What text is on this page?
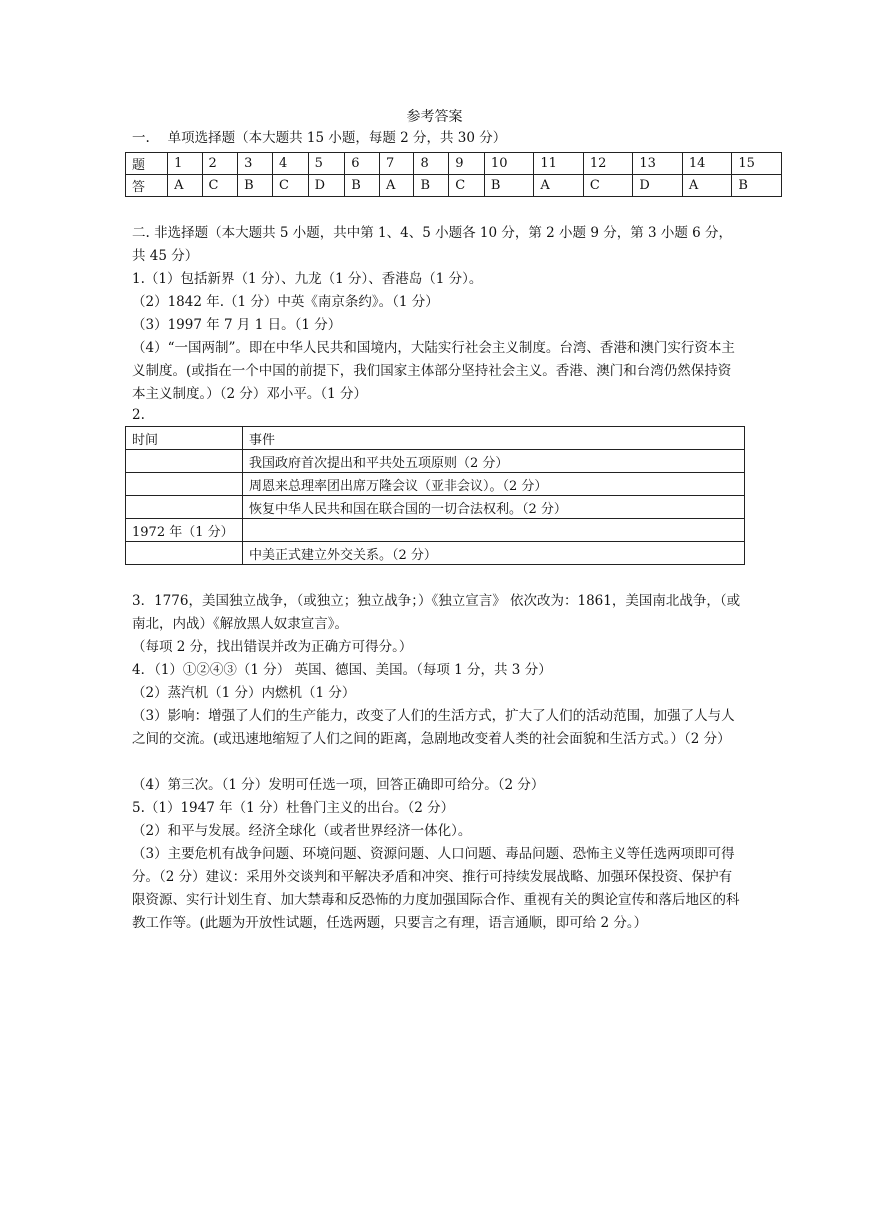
参考答案
一.　 单项选择题（本大题共 15 小题，每题 2 分，共 30 分）
题	1	2	3	4	5	6	7	8	9	10	11	12	13	14	15
答	A	C	B	C	D	B	A	B	C	B	A	C	D	A	B
二. 非选择题（本大题共 5 小题，共中第 1、4、5 小题各 10 分，第 2 小题 9 分，第 3 小题 6 分，共 45 分）
1.（1）包括新界（1 分）、九龙（1 分）、香港岛（1 分）。
（2）1842 年.（1 分）中英《南京条约》。（1 分）
（3）1997 年 7 月 1 日。（1 分）
（4）“一国两制”。即在中华人民共和国境内，大陆实行社会主义制度。台湾、香港和澳门实行资本主义制度。(或指在一个中国的前提下，我们国家主体部分坚持社会主义。香港、澳门和台湾仍然保持资本主义制度。）（2 分）邓小平。（1 分）
2.
时间	事件
	我国政府首次提出和平共处五项原则（2 分）
	周恩来总理率团出席万隆会议（亚非会议）。（2 分）
	恢复中华人民共和国在联合国的一切合法权利。（2 分）
1972 年（1 分）	
	中美正式建立外交关系。（2 分）
3．1776，美国独立战争，（或独立；独立战争；）《独立宣言》 依次改为：1861，美国南北战争，（或南北，内战）《解放黑人奴隶宣言》。
（每项 2 分，找出错误并改为正确方可得分。）
4．（1）①②④③（1 分） 英国、德国、美国。（每项 1 分，共 3 分）
（2）蒸汽机（1 分）内燃机（1 分）
（3）影响：增强了人们的生产能力，改变了人们的生活方式，扩大了人们的活动范围，加强了人与人之间的交流。(或迅速地缩短了人们之间的距离，急剧地改变着人类的社会面貌和生活方式。）（2 分）
（4）第三次。（1 分）发明可任选一项，回答正确即可给分。（2 分）
5.（1）1947 年（1 分）杜鲁门主义的出台。（2 分）
（2）和平与发展。经济全球化（或者世界经济一体化）。
（3）主要危机有战争问题、环境问题、资源问题、人口问题、毒品问题、恐怖主义等任选两项即可得分。（2 分）建议：采用外交谈判和平解决矛盾和冲突、推行可持续发展战略、加强环保投资、保护有限资源、实行计划生育、加大禁毒和反恐怖的力度加强国际合作、重视有关的舆论宣传和落后地区的科教工作等。(此题为开放性试题，任选两题，只要言之有理，语言通顺，即可给 2 分。）
